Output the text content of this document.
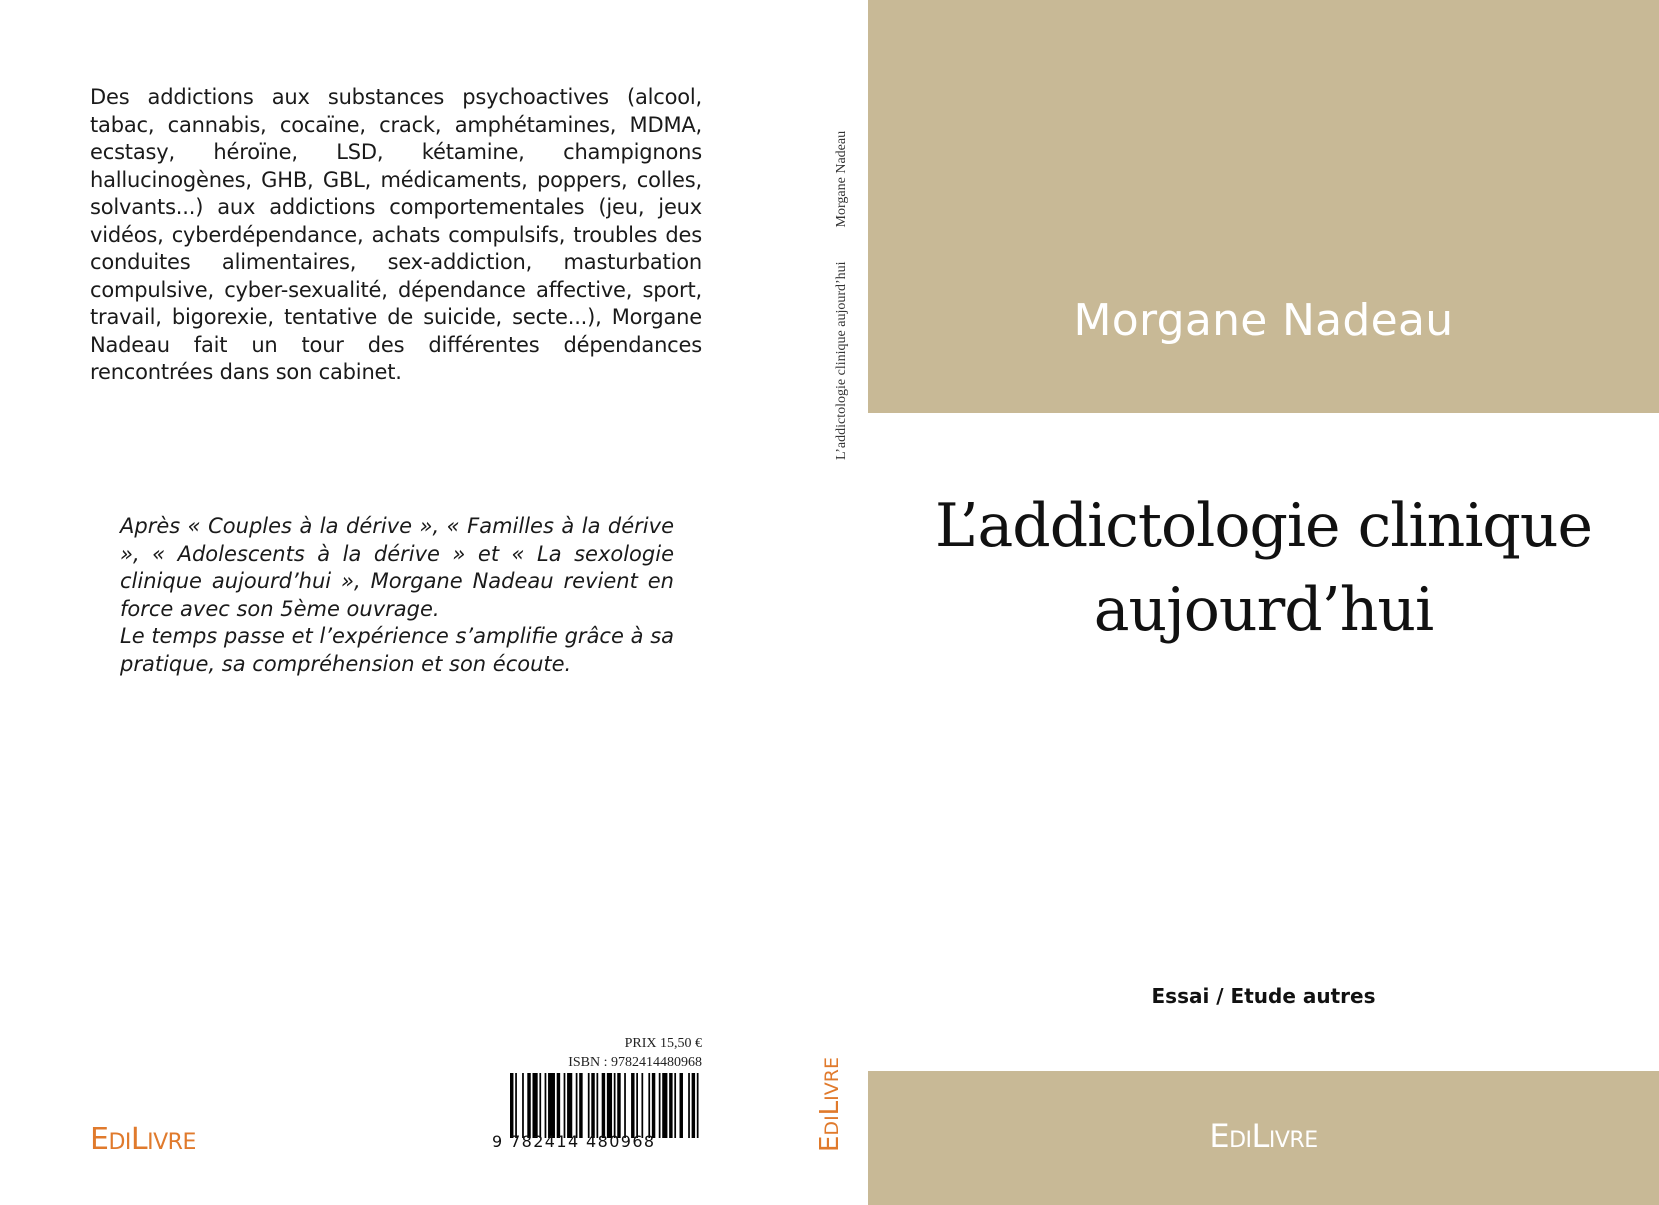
Des addictions aux substances psychoactives (alcool, tabac, cannabis, cocaïne, crack, amphétamines, MDMA, ecstasy, héroïne, LSD, kétamine, champignons hallucinogènes, GHB, GBL, médicaments, poppers, colles, solvants...) aux addictions comportementales (jeu, jeux vidéos, cyberdépendance, achats compulsifs, troubles des conduites alimentaires, sex-addiction, masturbation compulsive, cyber-sexualité, dépendance affective, sport, travail, bigorexie, tentative de suicide, secte...), Morgane Nadeau fait un tour des différentes dépendances rencontrées dans son cabinet.

Après « Couples à la dérive », « Familles à la dérive », « Adolescents à la dérive » et « La sexologie clinique aujourd’hui », Morgane Nadeau revient en force avec son 5ème ouvrage.

Le temps passe et l’expérience s’amplifie grâce à sa pratique, sa compréhension et son écoute.

PRIX 15,50 €
ISBN : 9782414480968
9 782414 480968
EDILIVRE
L’addictologie clinique aujourd’huiMorgane Nadeau
EDILIVRE
Morgane Nadeau
L’addictologie clinique
aujourd’hui
Essai / Etude autres
EDILIVRE
